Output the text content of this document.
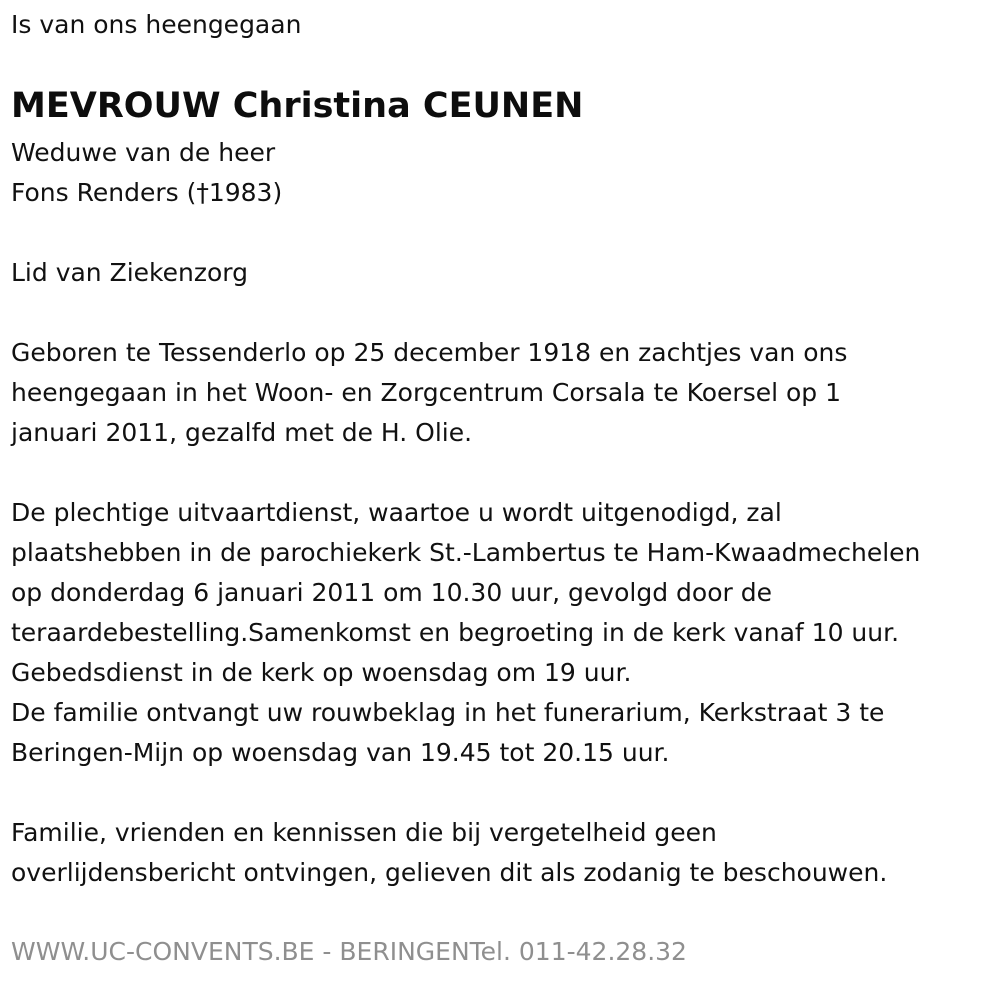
Is van ons heengegaan
MEVROUW Christina CEUNEN
Weduwe van de heer
Fons Renders (†1983)
Lid van Ziekenzorg
Geboren te Tessenderlo op 25 december 1918 en zachtjes van ons
heengegaan in het Woon- en Zorgcentrum Corsala te Koersel op 1
januari 2011, gezalfd met de H. Olie.
De plechtige uitvaartdienst, waartoe u wordt uitgenodigd, zal
plaatshebben in de parochiekerk St.-Lambertus te Ham-Kwaadmechelen
op donderdag 6 januari 2011 om 10.30 uur, gevolgd door de
teraardebestelling.Samenkomst en begroeting in de kerk vanaf 10 uur.
Gebedsdienst in de kerk op woensdag om 19 uur.
De familie ontvangt uw rouwbeklag in het funerarium, Kerkstraat 3 te
Beringen-Mijn op woensdag van 19.45 tot 20.15 uur.
Familie, vrienden en kennissen die bij vergetelheid geen
overlijdensbericht ontvingen, gelieven dit als zodanig te beschouwen.
WWW.UC-CONVENTS.BE - BERINGENTel. 011-42.28.32
